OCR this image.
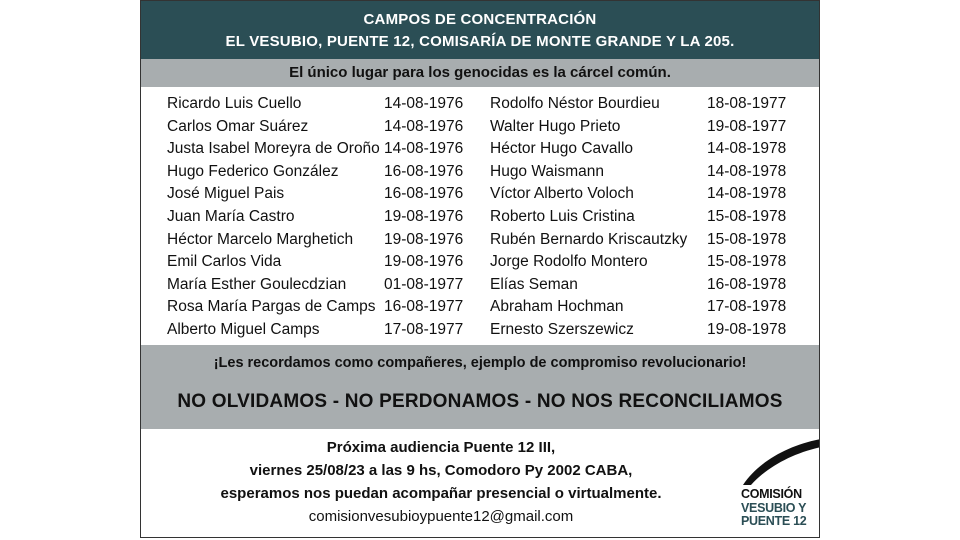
CAMPOS DE CONCENTRACIÓN
EL VESUBIO, PUENTE 12, COMISARÍA DE MONTE GRANDE Y LA 205.
El único lugar para los genocidas es la cárcel común.
Ricardo Luis Cuello	14-08-1976
Carlos Omar Suárez	14-08-1976
Justa Isabel Moreyra de Oroño 14-08-1976
Hugo Federico González	16-08-1976
José Miguel Pais	16-08-1976
Juan María Castro	19-08-1976
Héctor Marcelo Marghetich 19-08-1976
Emil Carlos Vida	19-08-1976
María Esther Goulecdzian 01-08-1977
Rosa María Pargas de Camps 16-08-1977
Alberto Miguel Camps	17-08-1977
Rodolfo Néstor Bourdieu	18-08-1977
Walter Hugo Prieto	19-08-1977
Héctor Hugo Cavallo	14-08-1978
Hugo Waismann	14-08-1978
Víctor Alberto Voloch	14-08-1978
Roberto Luis Cristina	15-08-1978
Rubén Bernardo Kriscautzky 15-08-1978
Jorge Rodolfo Montero	15-08-1978
Elías Seman	16-08-1978
Abraham Hochman	17-08-1978
Ernesto Szerszewicz	19-08-1978
¡Les recordamos como compañeres, ejemplo de compromiso revolucionario!
NO OLVIDAMOS - NO PERDONAMOS - NO NOS RECONCILIAMOS
Próxima audiencia Puente 12 III,
viernes 25/08/23 a las 9 hs, Comodoro Py 2002 CABA,
esperamos nos puedan acompañar presencial o virtualmente.
comisionvesubioypuente12@gmail.com
COMISIÓN
VESUBIO Y
PUENTE 12
